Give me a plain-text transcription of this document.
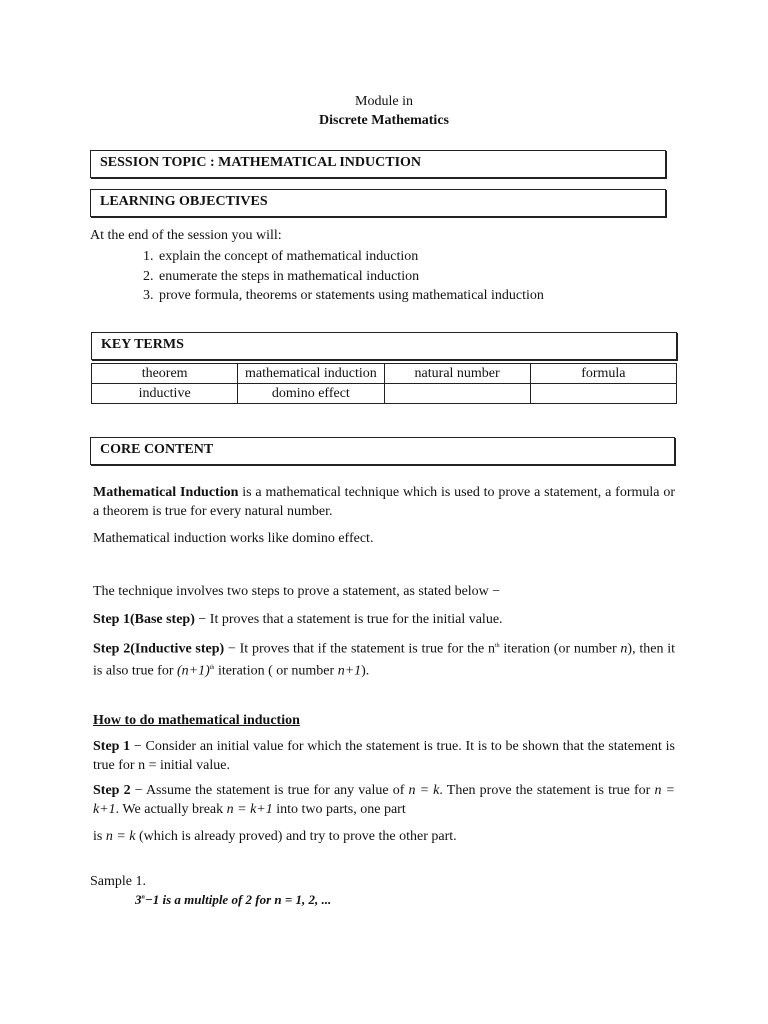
Module in
Discrete Mathematics
SESSION TOPIC : MATHEMATICAL INDUCTION
LEARNING OBJECTIVES
At the end of the session you will:
1. explain the concept of mathematical induction
2. enumerate the steps in mathematical induction
3. prove formula, theorems or statements using mathematical induction
KEY TERMS
theorem	mathematical induction	natural number	formula
inductive	domino effect		
CORE CONTENT
Mathematical Induction is a mathematical technique which is used to prove a statement, a formula or a theorem is true for every natural number.
Mathematical induction works like domino effect.
The technique involves two steps to prove a statement, as stated below −
Step 1(Base step) − It proves that a statement is true for the initial value.
Step 2(Inductive step) − It proves that if the statement is true for the $n^{th}$ iteration (or number n), then it is also true for $(n+1)^{th}$ iteration ( or number n+1).
How to do mathematical induction
Step 1 − Consider an initial value for which the statement is true. It is to be shown that the statement is true for n = initial value.
Step 2 − Assume the statement is true for any value of n = k. Then prove the statement is true for n = k+1. We actually break n = k+1 into two parts, one part
is n = k (which is already proved) and try to prove the other part.
Sample 1.
$3^n-1$ is a multiple of 2 for n = 1, 2, ...
